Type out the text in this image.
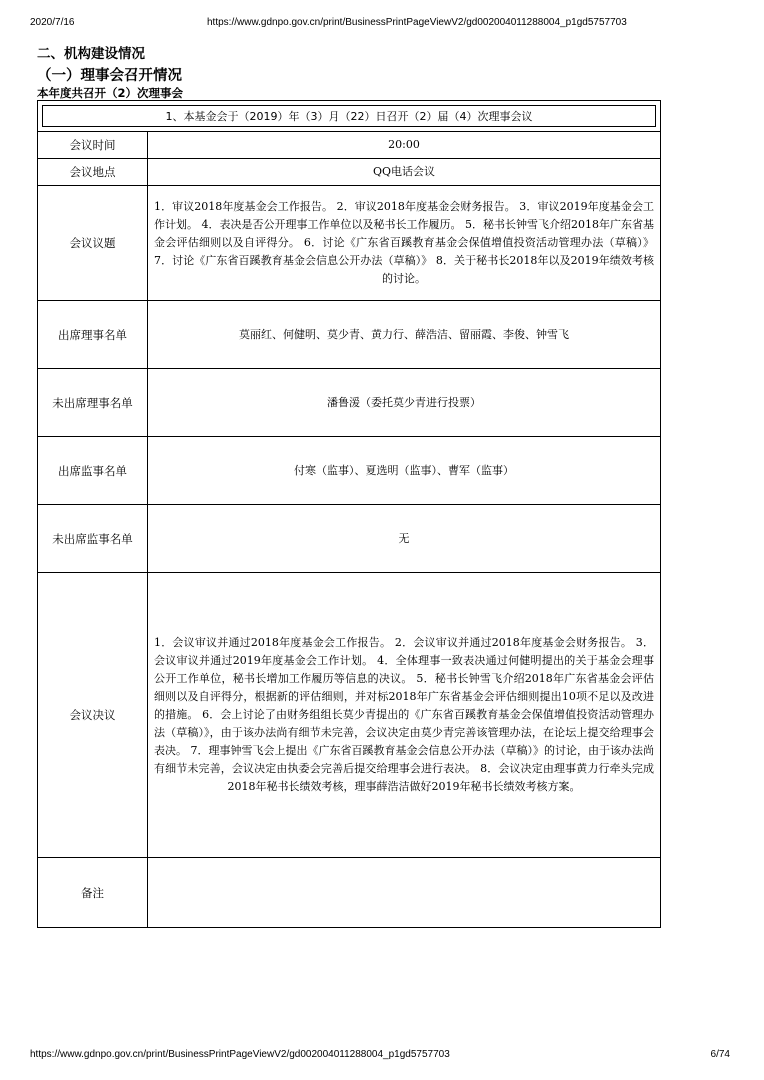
2020/7/16	https://www.gdnpo.gov.cn/print/BusinessPrintPageViewV2/gd002004011288004_p1gd5757703
二、机构建设情况
（一）理事会召开情况
本年度共召开（2）次理事会
1、本基金会于（2019）年（3）月（22）日召开（2）届（4）次理事会议	

会议时间	20:00
会议地点	QQ电话会议
会议议题	1．审议2018年度基金会工作报告。 2．审议2018年度基金会财务报告。 3．审议2019年度基金会工作计划。 4．表决是否公开理事工作单位以及秘书长工作履历。 5．秘书长钟雪飞介绍2018年广东省基金会评估细则以及自评得分。 6．讨论《广东省百蹊教育基金会保值增值投资活动管理办法（草稿）》 7．讨论《广东省百蹊教育基金会信息公开办法（草稿）》 8．关于秘书长2018年以及2019年绩效考核的讨论。
出席理事名单	莫丽红、何健明、莫少青、黄力行、薛浩洁、留丽霞、李俊、钟雪飞
未出席理事名单	潘鲁湲（委托莫少青进行投票）
出席监事名单	付寒（监事）、夏选明（监事）、曹军（监事）
未出席监事名单	无
会议决议	1．会议审议并通过2018年度基金会工作报告。 2．会议审议并通过2018年度基金会财务报告。 3．会议审议并通过2019年度基金会工作计划。 4．全体理事一致表决通过何健明提出的关于基金会理事公开工作单位，秘书长增加工作履历等信息的决议。 5．秘书长钟雪飞介绍2018年广东省基金会评估细则以及自评得分，根据新的评估细则，并对标2018年广东省基金会评估细则提出10项不足以及改进的措施。 6．会上讨论了由财务组组长莫少青提出的《广东省百蹊教育基金会保值增值投资活动管理办法（草稿）》，由于该办法尚有细节未完善，会议决定由莫少青完善该管理办法，在论坛上提交给理事会表决。 7．理事钟雪飞会上提出《广东省百蹊教育基金会信息公开办法（草稿）》的讨论，由于该办法尚有细节未完善，会议决定由执委会完善后提交给理事会进行表决。 8．会议决定由理事黄力行牵头完成2018年秘书长绩效考核，理事薛浩洁做好2019年秘书长绩效考核方案。
备注	
https://www.gdnpo.gov.cn/print/BusinessPrintPageViewV2/gd002004011288004_p1gd5757703	6/74
